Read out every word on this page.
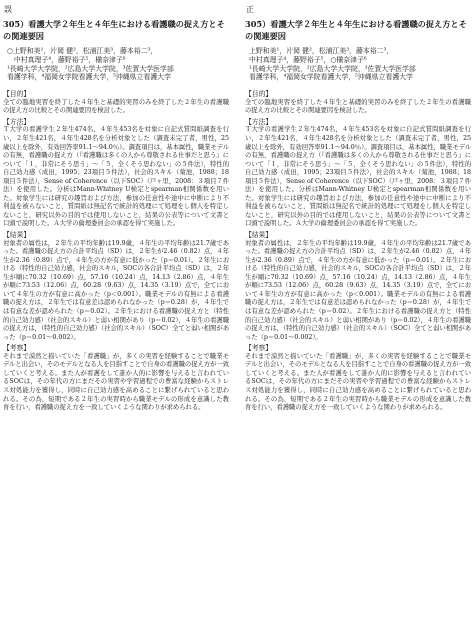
誤
305）看護大学２年生と４年生における看護職の捉え方とその関連要因
○上野和美¹，片岡 健²，松浦江美³，藤本裕二³，
　中村真理子⁴，藤野裕子⁵，槇奈津子⁶
¹長崎大学大学院，²広島大学大学院，³佐賀大学医学部
看護学科，⁴福岡女学院看護大学，⁵沖縄県立看護大学
【目的】

全ての臨地実習を終了した４年生と基礎的実習のみを終了した２年生の看護職の捉え方の比較とその関連要因を検討した。

【方法】

Ｔ大学の看護学生２年生474名，４年生453名を対象に自記式質問紙調査を行い，２年生421名，４年生428名を分析対象とした（調査未完了者，男性，25歳以上を除外，有効回答率91.1〜94.0％）。調査項目は，基本属性，職業モデルの有無，看護職の捉え方（『看護職は多くの人から尊敬される仕事だと思う』について「１，非常にそう思う」〜「５，全くそう思わない」の５件法），特性的自己効力感（成田，1995；23項目５件法），社会的スキル（菊池，1988；18項目５件法），Sense of Coherence（以下SOC）（戸ヶ里，2008：３項目７件法）を使用した。分析はMann-Whitney U検定とspearman相関係数を用いた。対象学生には研究の趣旨および方法，参加の任意性や途中に中断により不利益を被らないこと，質問紙は無記名で統計的処理にて処理をし個人を特定しないこと，研究以外の目的では使用しないこと，結果の公表等について文書と口頭で説明した。Ａ大学の倫理委員会の承認を得て実施した。

【結果】

対象者の属性は，２年生の平均年齢は19.9歳，４年生の平均年齢は21.7歳であった。看護職の捉え方の合計平均点（SD）は，２年生が2.46（0.82）点，４年生が2.36（0.89）点で，４年生の方が有意に低かった（p＝0.01）。２年生における（特性的自己効力感，社会的スキル，SOCの各合計平均点（SD）は，２年生が順に70.32（10.69）点，57.16（10.24）点，14.13（2.86）点，４年生が順に73.53（12.06）点，60.28（9.63）点，14.35（3.19）点で，全てにおいて４年生の方が有意に高かった（p＜0.001）。職業モデルの有無による看護職の捉え方は，２年生では有意差は認められなかった（p＝0.28）が，４年生では有意な差が認められた（p＝0.02）。２年生における看護職の捉え方と（特性的自己効力感）（社会的スキル）と弱い相関があり（p＝0.02），４年生の看護職の捉え方は，（特性的自己効力感）（社会的スキル）（SOC）全てと弱い相関があった（p＝0.01〜0.002）。

【考察】

それまで漠然と描いていた「看護職」が，多くの実習を経験することで職業モデルと出会い，そのモデルとなる人を目指すことで自身の看護職の捉え方が一致していくと考える。また人が看護をして誰か人的に影響を与えると言われているSOCは，その年代の方にまだその実習や学習過程での豊富な経験からストレス対処能力を獲得し，同時に自己効力感を高めることに繋げられていると思われる。その為，短期である２年生の実習時から職業モデルの形成を意識した教育を行い，看護職の捉え方を一致していくような関わりが求められる。

正
305）看護大学２年生と４年生における看護職の捉え方とその関連要因
上野和美¹，片岡 健²，松浦江美³，藤本裕二³，
中村真理子⁴，藤野裕子⁵，○槇奈津子⁶
¹長崎大学大学院，²広島大学大学院，³佐賀大学医学部
看護学科，⁴福岡女学院看護大学，⁵沖縄県立看護大学
【目的】

全ての臨地実習を終了した４年生と基礎的実習のみを終了した２年生の看護職の捉え方の比較とその関連要因を検討した。

【方法】

Ｔ大学の看護学生２年生474名，４年生453名を対象に自記式質問紙調査を行い，２年生421名，４年生428名を分析対象とした（調査未完了者，男性，25歳以上を除外，有効回答率91.1〜94.0％）。調査項目は，基本属性，職業モデルの有無，看護職の捉え方（『看護職は多くの人から尊敬される仕事だと思う』について「１，非常にそう思う」〜「５，全くそう思わない」の５件法），特性的自己効力感（成田，1995；23項目５件法），社会的スキル（菊池，1988；18項目５件法），Sense of Coherence（以下SOC）（戸ヶ里，2008：３項目７件法）を使用した。分析はMann-Whitney U検定とspearman相関係数を用いた。対象学生には研究の趣旨および方法，参加の任意性や途中に中断により不利益を被らないこと，質問紙は無記名で統計的処理にて処理をし個人を特定しないこと，研究以外の目的では使用しないこと，結果の公表等について文書と口頭で説明した。Ａ大学の倫理委員会の承認を得て実施した。

【結果】

対象者の属性は，２年生の平均年齢は19.9歳，４年生の平均年齢は21.7歳であった。看護職の捉え方の合計平均点（SD）は，２年生が2.46（0.82）点，４年生が2.36（0.89）点で，４年生の方が有意に低かった（p＝0.01）。２年生における（特性的自己効力感，社会的スキル，SOCの各合計平均点（SD）は，２年生が順に70.32（10.69）点，57.16（10.24）点，14.13（2.86）点，４年生が順に73.53（12.06）点，60.28（9.63）点，14.35（3.19）点で，全てにおいて４年生の方が有意に高かった（p＜0.001）。職業モデルの有無による看護職の捉え方は，２年生では有意差は認められなかった（p＝0.28）が，４年生では有意な差が認められた（p＝0.02）。２年生における看護職の捉え方と（特性的自己効力感）（社会的スキル）と弱い相関があり（p＝0.02），４年生の看護職の捉え方は，（特性的自己効力感）（社会的スキル）（SOC）全てと弱い相関があった（p＝0.01〜0.002）。

【考察】

それまで漠然と描いていた「看護職」が，多くの実習を経験することで職業モデルと出会い，そのモデルとなる人を目指すことで自身の看護職の捉え方が一致していくと考える。また人が看護をして誰か人的に影響を与えると言われているSOCは，その年代の方にまだその実習や学習過程での豊富な経験からストレス対処能力を獲得し，同時に自己効力感を高めることに繋げられていると思われる。その為，短期である２年生の実習時から職業モデルの形成を意識した教育を行い，看護職の捉え方を一致していくような関わりが求められる。
